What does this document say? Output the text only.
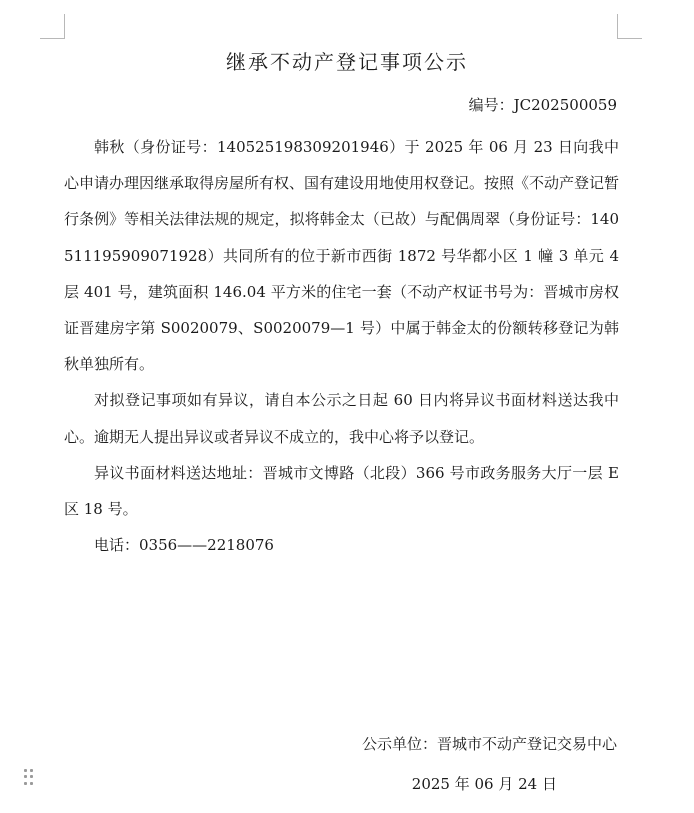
继承不动产登记事项公示
编号：JC202500059

韩秋（身份证号：140525198309201946）于 2025 年 06 月 23 日向我中心申请办理因继承取得房屋所有权、国有建设用地使用权登记。按照《不动产登记暂行条例》等相关法律法规的规定，拟将韩金太（已故）与配偶周翠（身份证号：140511195909071928）共同所有的位于新市西街 1872 号华都小区 1 幢 3 单元 4 层 401 号，建筑面积 146.04 平方米的住宅一套（不动产权证书号为：晋城市房权证晋建房字第 S0020079、S0020079—1 号）中属于韩金太的份额转移登记为韩秋单独所有。

对拟登记事项如有异议，请自本公示之日起 60 日内将异议书面材料送达我中心。逾期无人提出异议或者异议不成立的，我中心将予以登记。

异议书面材料送达地址：晋城市文博路（北段）366 号市政务服务大厅一层 E 区 18 号。

电话：0356——2218076

公示单位：晋城市不动产登记交易中心
2025 年 06 月 24 日
